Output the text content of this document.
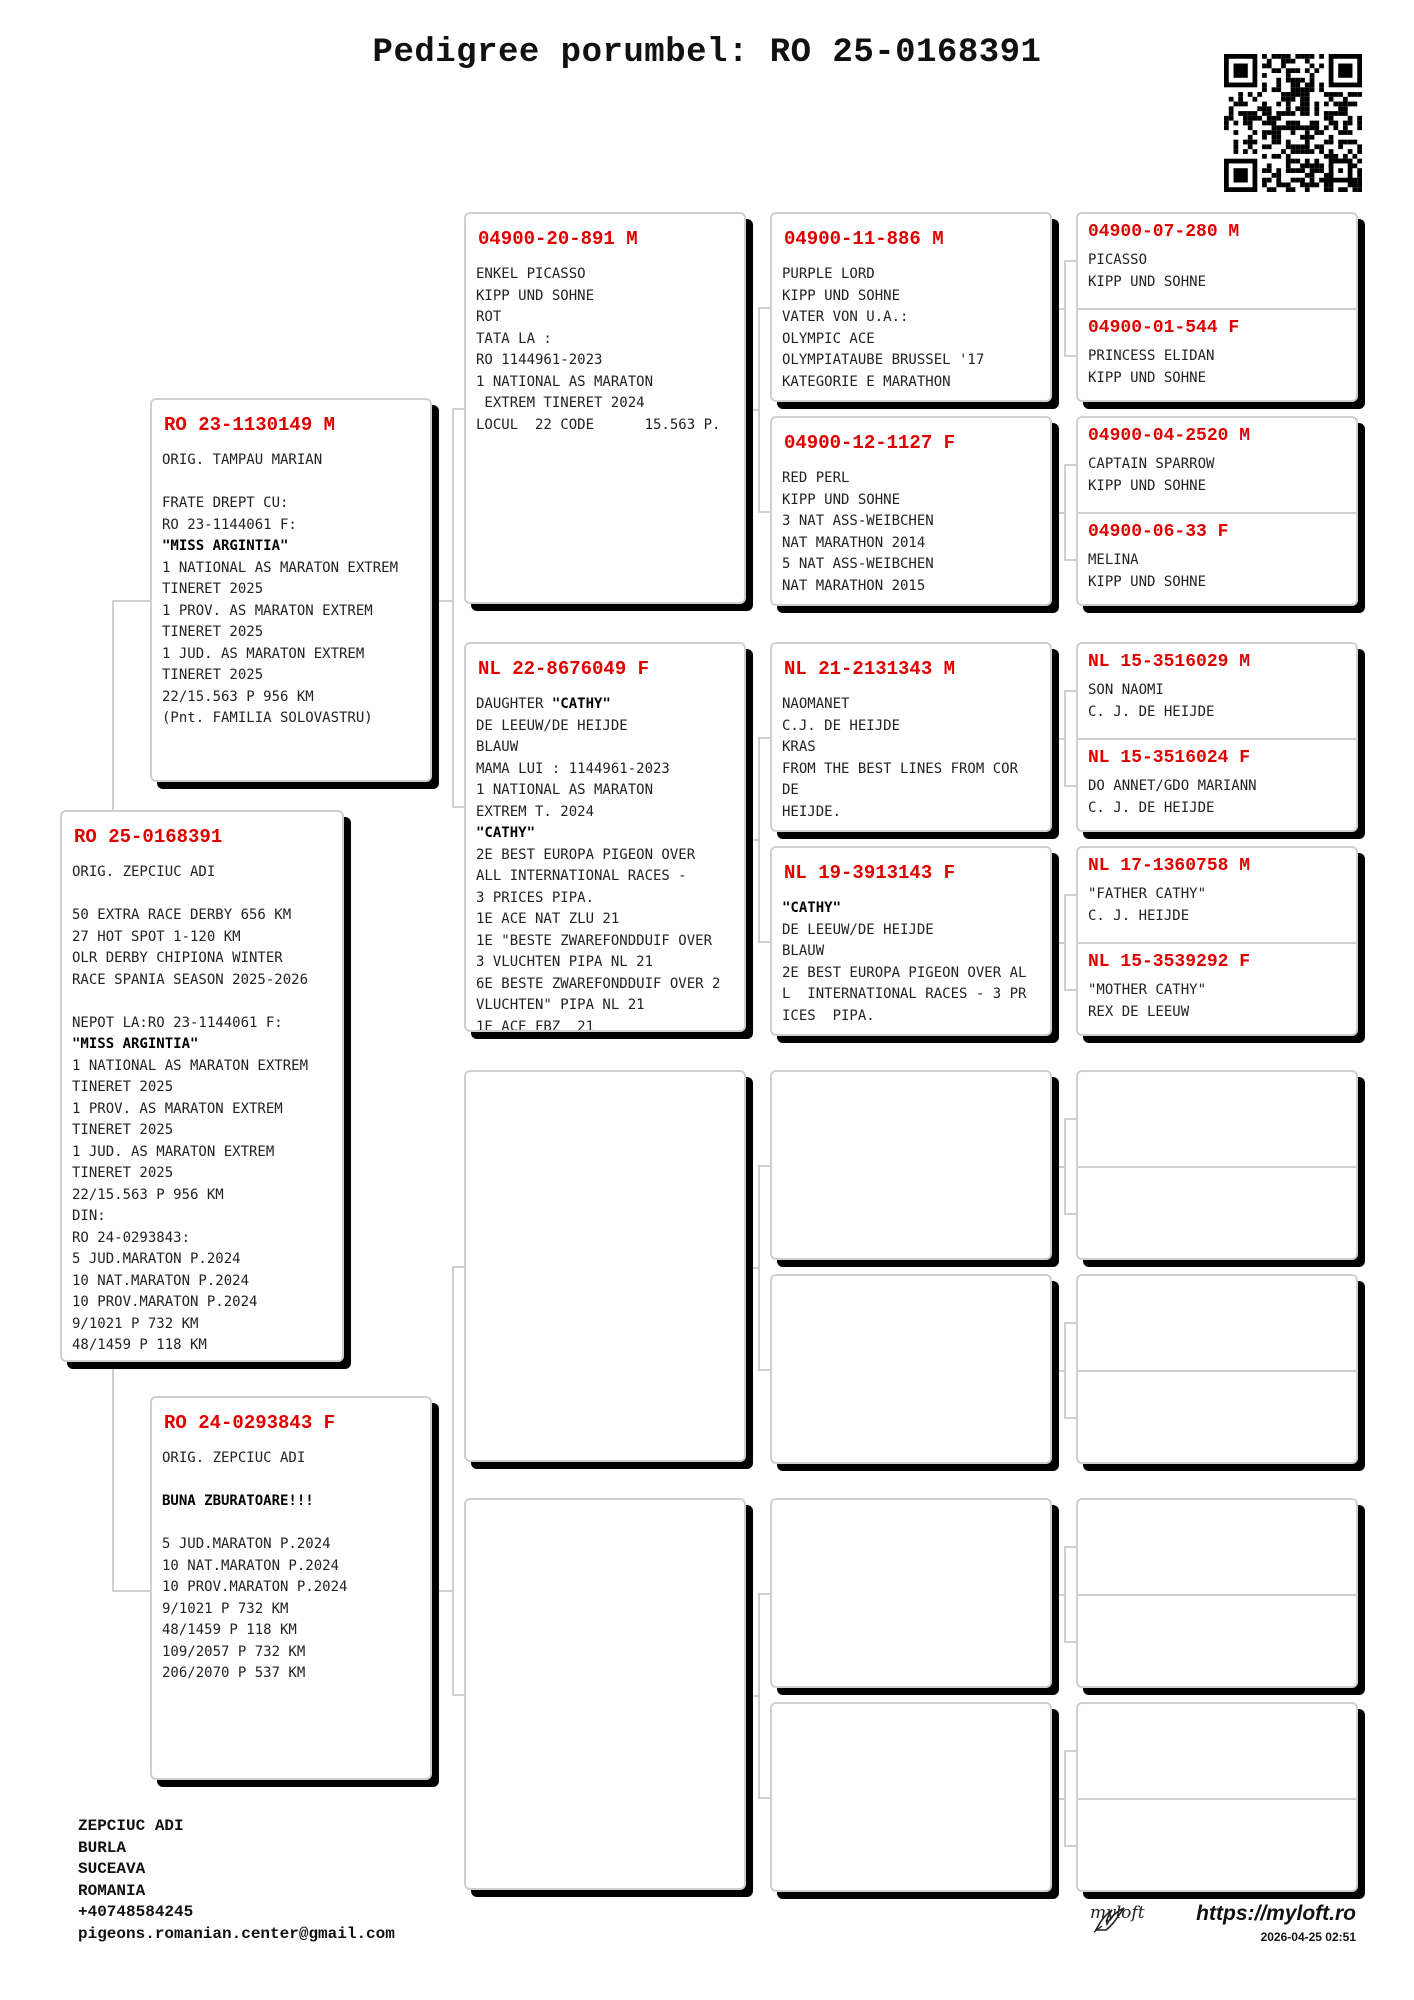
Pedigree porumbel: RO 25-0168391
RO 25-0168391
ORIG. ZEPCIUC ADI

50 EXTRA RACE DERBY 656 KM
27 HOT SPOT 1-120 KM
OLR DERBY CHIPIONA WINTER
RACE SPANIA SEASON 2025-2026

NEPOT LA:RO 23-1144061 F:
"MISS ARGINTIA"
1 NATIONAL AS MARATON EXTREM
TINERET 2025
1 PROV. AS MARATON EXTREM
TINERET 2025
1 JUD. AS MARATON EXTREM
TINERET 2025
22/15.563 P 956 KM
DIN:
RO 24-0293843:
5 JUD.MARATON P.2024
10 NAT.MARATON P.2024
10 PROV.MARATON P.2024
9/1021 P 732 KM
48/1459 P 118 KM
RO 23-1130149 M
ORIG. TAMPAU MARIAN

FRATE DREPT CU:
RO 23-1144061 F:
"MISS ARGINTIA"
1 NATIONAL AS MARATON EXTREM
TINERET 2025
1 PROV. AS MARATON EXTREM
TINERET 2025
1 JUD. AS MARATON EXTREM
TINERET 2025
22/15.563 P 956 KM
(Pnt. FAMILIA SOLOVASTRU)
RO 24-0293843 F
ORIG. ZEPCIUC ADI

BUNA ZBURATOARE!!!

5 JUD.MARATON P.2024
10 NAT.MARATON P.2024
10 PROV.MARATON P.2024
9/1021 P 732 KM
48/1459 P 118 KM
109/2057 P 732 KM
206/2070 P 537 KM
04900-20-891 M
ENKEL PICASSO
KIPP UND SOHNE
ROT
TATA LA :
RO 1144961-2023
1 NATIONAL AS MARATON
EXTREM TINERET 2024
LOCUL  22 CODE      15.563 P.
NL 22-8676049 F
DAUGHTER "CATHY"
DE LEEUW/DE HEIJDE
BLAUW
MAMA LUI : 1144961-2023
1 NATIONAL AS MARATON
EXTREM T. 2024
"CATHY"
2E BEST EUROPA PIGEON OVER
ALL INTERNATIONAL RACES -
3 PRICES PIPA.
1E ACE NAT ZLU 21
1E "BESTE ZWAREFONDDUIF OVER
3 VLUCHTEN PIPA NL 21
6E BESTE ZWAREFONDDUIF OVER 2
VLUCHTEN" PIPA NL 21
1E ACE FBZ  21
04900-11-886 M
PURPLE LORD
KIPP UND SOHNE
VATER VON U.A.:
OLYMPIC ACE
OLYMPIATAUBE BRUSSEL '17
KATEGORIE E MARATHON
04900-12-1127 F
RED PERL
KIPP UND SOHNE
3 NAT ASS-WEIBCHEN
NAT MARATHON 2014
5 NAT ASS-WEIBCHEN
NAT MARATHON 2015
NL 21-2131343 M
NAOMANET
C.J. DE HEIJDE
KRAS
FROM THE BEST LINES FROM COR
DE
HEIJDE.
NL 19-3913143 F
"CATHY"
DE LEEUW/DE HEIJDE
BLAUW
2E BEST EUROPA PIGEON OVER AL
L  INTERNATIONAL RACES - 3 PR
ICES  PIPA.
04900-07-280 M
PICASSO
KIPP UND SOHNE
04900-01-544 F
PRINCESS ELIDAN
KIPP UND SOHNE
04900-04-2520 M
CAPTAIN SPARROW
KIPP UND SOHNE
04900-06-33 F
MELINA
KIPP UND SOHNE
NL 15-3516029 M
SON NAOMI
C. J. DE HEIJDE
NL 15-3516024 F
DO ANNET/GDO MARIANN
C. J. DE HEIJDE
NL 17-1360758 M
"FATHER CATHY"
C. J. HEIJDE
NL 15-3539292 F
"MOTHER CATHY"
REX DE LEEUW
ZEPCIUC ADI
BURLA
SUCEAVA
ROMANIA
+40748584245
pigeons.romanian.center@gmail.com
myloft https://myloft.ro
2026-04-25 02:51
